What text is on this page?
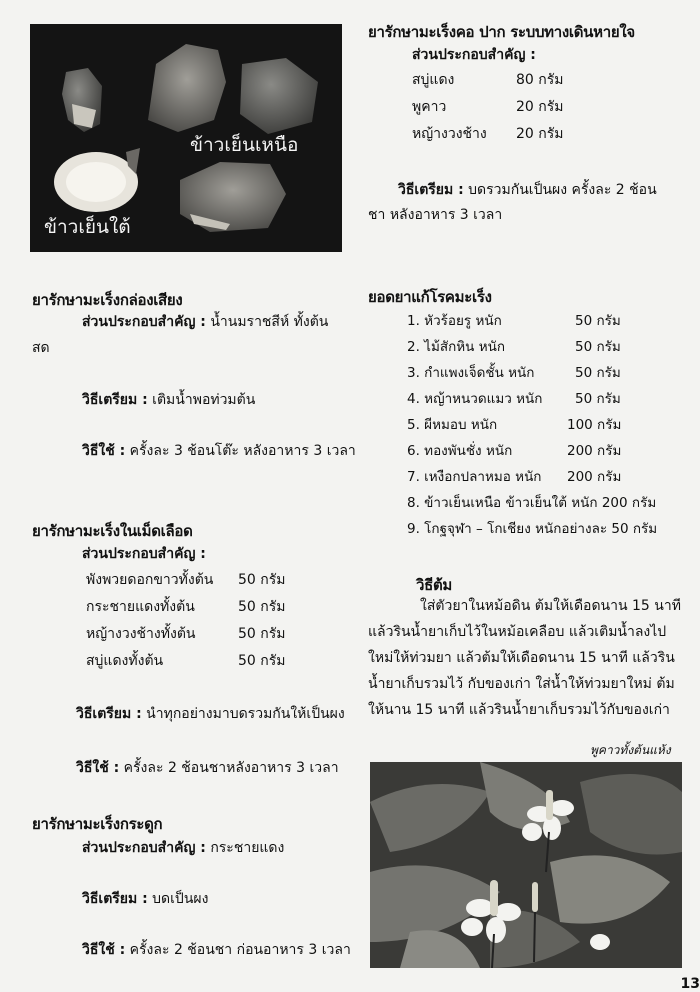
ข้าวเย็นเหนือ
ข้าวเย็นใต้
ยารักษามะเร็งคอ ปาก ระบบทางเดินหายใจ
ส่วนประกอบสำคัญ :
สบู่แดง	80 กรัม
พูคาว	20 กรัม
หญ้างวงช้าง	20 กรัม
วิธีเตรียม : บดรวมกันเป็นผง ครั้งละ 2 ช้อน
ชา หลังอาหาร 3 เวลา
ยารักษามะเร็งกล่องเสียง
ส่วนประกอบสำคัญ : น้ำนมราชสีห์ ทั้งต้น
สด
วิธีเตรียม : เติมน้ำพอท่วมต้น
วิธีใช้ : ครั้งละ 3 ช้อนโต๊ะ หลังอาหาร 3 เวลา
ยารักษามะเร็งในเม็ดเลือด
ส่วนประกอบสำคัญ :
พังพวยดอกขาวทั้งต้น	50 กรัม
กระชายแดงทั้งต้น	50 กรัม
หญ้างวงช้างทั้งต้น	50 กรัม
สบู่แดงทั้งต้น	50 กรัม
วิธีเตรียม : นำทุกอย่างมาบดรวมกันให้เป็นผง
วิธีใช้ : ครั้งละ 2 ช้อนชาหลังอาหาร 3 เวลา
ยารักษามะเร็งกระดูก
ส่วนประกอบสำคัญ : กระชายแดง
วิธีเตรียม : บดเป็นผง
วิธีใช้ : ครั้งละ 2 ช้อนชา ก่อนอาหาร 3 เวลา
ยอดยาแก้โรคมะเร็ง
1. หัวร้อยรู หนัก	50 กรัม
2. ไม้สักหิน หนัก	50 กรัม
3. กำแพงเจ็ดชั้น หนัก	50 กรัม
4. หญ้าหนวดแมว หนัก 50 กรัม
5. ผีหมอบ หนัก	100 กรัม
6. ทองพันชั่ง หนัก	200 กรัม
7. เหงือกปลาหมอ หนัก 200 กรัม
8. ข้าวเย็นเหนือ ข้าวเย็นใต้ หนัก 200 กรัม
9. โกฐจุฬา – โกเชียง หนักอย่างละ 50 กรัม
วิธีต้ม
ใส่ตัวยาในหม้อดิน ต้มให้เดือดนาน 15 นาที
แล้วรินน้ำยาเก็บไว้ในหม้อเคลือบ แล้วเติมน้ำลงไป
ใหม่ให้ท่วมยา แล้วต้มให้เดือดนาน 15 นาที แล้วริน
น้ำยาเก็บรวมไว้ กับของเก่า ใส่น้ำให้ท่วมยาใหม่ ต้ม
ให้นาน 15 นาที แล้วรินน้ำยาเก็บรวมไว้กับของเก่า
พูคาวทั้งต้นแห้ง
13
